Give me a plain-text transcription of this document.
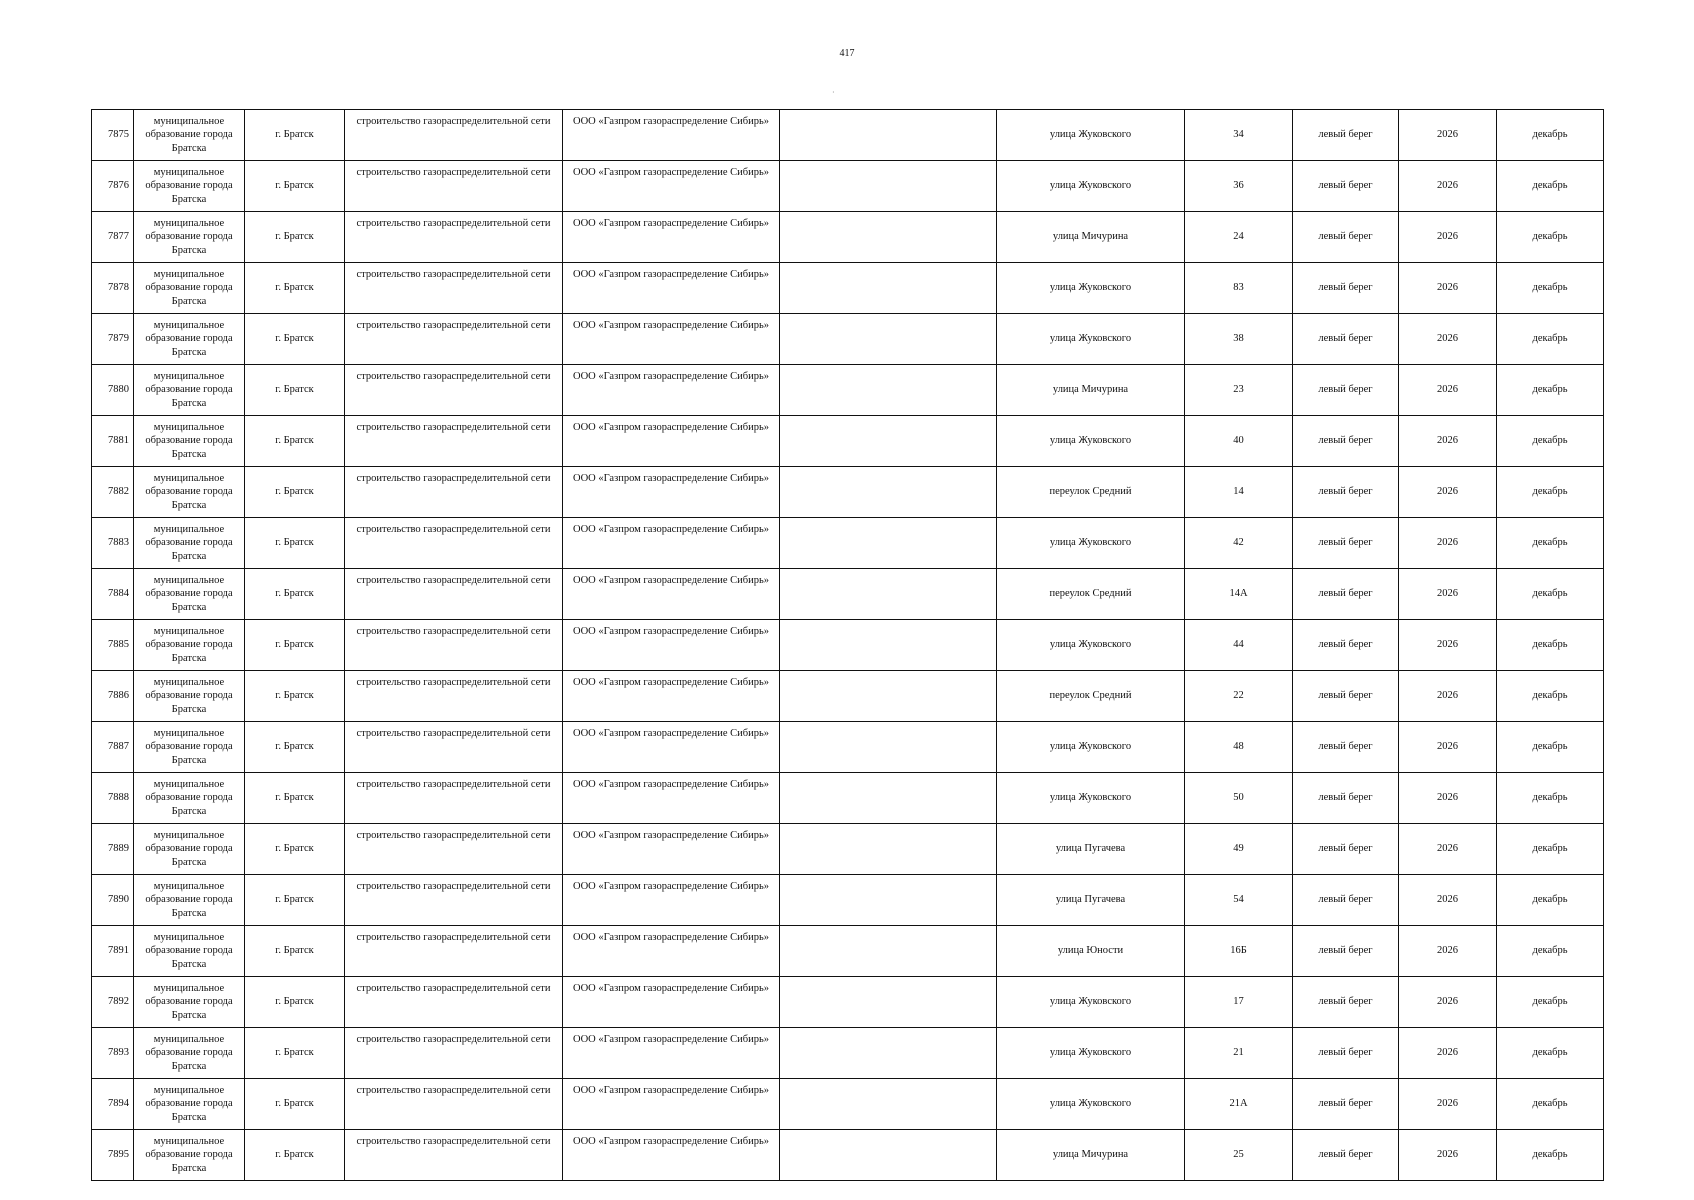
417
·
7875	муниципальное образование города Братска	г. Братск	строительство газораспределительной сети	ООО «Газпром газораспределение Сибирь»		улица Жуковского	34	левый берег	2026	декабрь
7876	муниципальное образование города Братска	г. Братск	строительство газораспределительной сети	ООО «Газпром газораспределение Сибирь»		улица Жуковского	36	левый берег	2026	декабрь
7877	муниципальное образование города Братска	г. Братск	строительство газораспределительной сети	ООО «Газпром газораспределение Сибирь»		улица Мичурина	24	левый берег	2026	декабрь
7878	муниципальное образование города Братска	г. Братск	строительство газораспределительной сети	ООО «Газпром газораспределение Сибирь»		улица Жуковского	83	левый берег	2026	декабрь
7879	муниципальное образование города Братска	г. Братск	строительство газораспределительной сети	ООО «Газпром газораспределение Сибирь»		улица Жуковского	38	левый берег	2026	декабрь
7880	муниципальное образование города Братска	г. Братск	строительство газораспределительной сети	ООО «Газпром газораспределение Сибирь»		улица Мичурина	23	левый берег	2026	декабрь
7881	муниципальное образование города Братска	г. Братск	строительство газораспределительной сети	ООО «Газпром газораспределение Сибирь»		улица Жуковского	40	левый берег	2026	декабрь
7882	муниципальное образование города Братска	г. Братск	строительство газораспределительной сети	ООО «Газпром газораспределение Сибирь»		переулок Средний	14	левый берег	2026	декабрь
7883	муниципальное образование города Братска	г. Братск	строительство газораспределительной сети	ООО «Газпром газораспределение Сибирь»		улица Жуковского	42	левый берег	2026	декабрь
7884	муниципальное образование города Братска	г. Братск	строительство газораспределительной сети	ООО «Газпром газораспределение Сибирь»		переулок Средний	14А	левый берег	2026	декабрь
7885	муниципальное образование города Братска	г. Братск	строительство газораспределительной сети	ООО «Газпром газораспределение Сибирь»		улица Жуковского	44	левый берег	2026	декабрь
7886	муниципальное образование города Братска	г. Братск	строительство газораспределительной сети	ООО «Газпром газораспределение Сибирь»		переулок Средний	22	левый берег	2026	декабрь
7887	муниципальное образование города Братска	г. Братск	строительство газораспределительной сети	ООО «Газпром газораспределение Сибирь»		улица Жуковского	48	левый берег	2026	декабрь
7888	муниципальное образование города Братска	г. Братск	строительство газораспределительной сети	ООО «Газпром газораспределение Сибирь»		улица Жуковского	50	левый берег	2026	декабрь
7889	муниципальное образование города Братска	г. Братск	строительство газораспределительной сети	ООО «Газпром газораспределение Сибирь»		улица Пугачева	49	левый берег	2026	декабрь
7890	муниципальное образование города Братска	г. Братск	строительство газораспределительной сети	ООО «Газпром газораспределение Сибирь»		улица Пугачева	54	левый берег	2026	декабрь
7891	муниципальное образование города Братска	г. Братск	строительство газораспределительной сети	ООО «Газпром газораспределение Сибирь»		улица Юности	16Б	левый берег	2026	декабрь
7892	муниципальное образование города Братска	г. Братск	строительство газораспределительной сети	ООО «Газпром газораспределение Сибирь»		улица Жуковского	17	левый берег	2026	декабрь
7893	муниципальное образование города Братска	г. Братск	строительство газораспределительной сети	ООО «Газпром газораспределение Сибирь»		улица Жуковского	21	левый берег	2026	декабрь
7894	муниципальное образование города Братска	г. Братск	строительство газораспределительной сети	ООО «Газпром газораспределение Сибирь»		улица Жуковского	21А	левый берег	2026	декабрь
7895	муниципальное образование города Братска	г. Братск	строительство газораспределительной сети	ООО «Газпром газораспределение Сибирь»		улица Мичурина	25	левый берег	2026	декабрь
